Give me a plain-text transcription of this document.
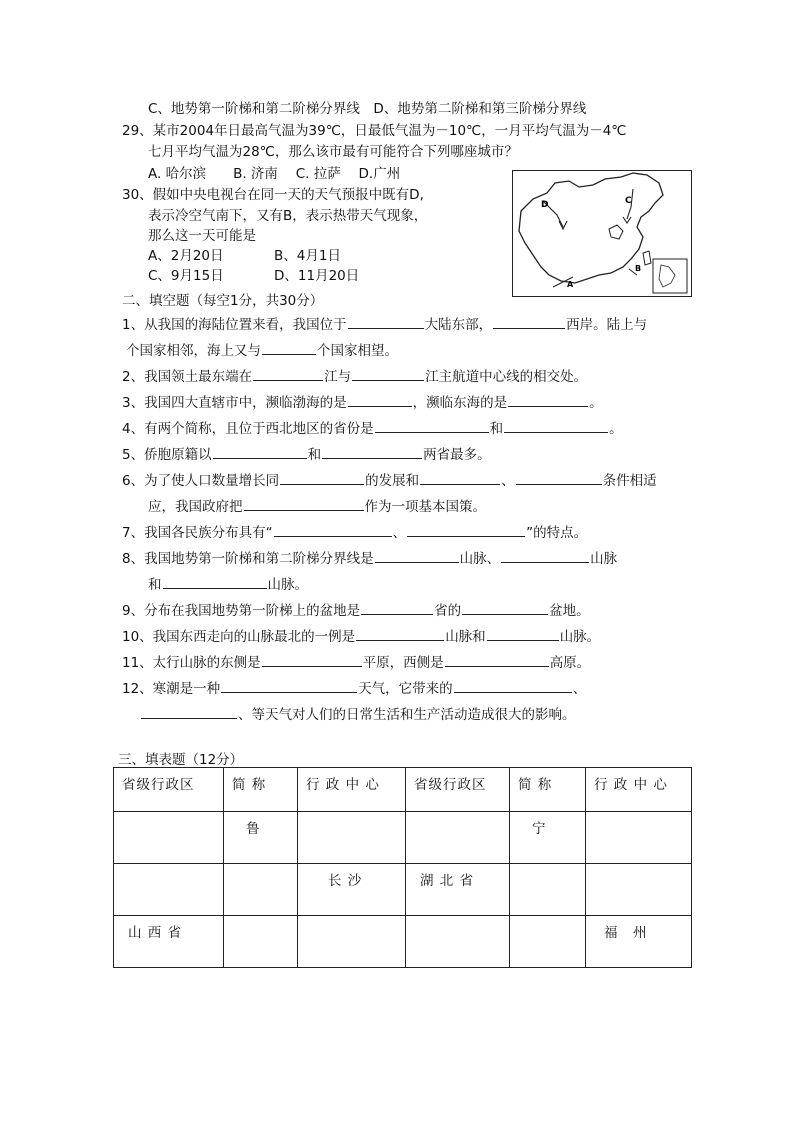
C、地势第一阶梯和第二阶梯分界线　D、地势第二阶梯和第三阶梯分界线
29、某市2004年日最高气温为39℃，日最低气温为－10℃，一月平均气温为－4℃
七月平均气温为28℃，那么该市最有可能符合下列哪座城市？
A. 哈尔滨　　B. 济南　 C. 拉萨　 D.广州
30、假如中央电视台在同一天的天气预报中既有D,
表示冷空气南下，又有B，表示热带天气现象，
那么这一天可能是
A、2月20日	B、4月1日
C、9月15日	D、11月20日
D	C
B
A
二、填空题（每空1分，共30分）
1、从我国的海陆位置来看，我国位于	大陆东部，	西岸。陆上与
个国家相邻，海上又与	个国家相望。
2、我国领土最东端在	江与	江主航道中心线的相交处。
3、我国四大直辖市中，濒临渤海的是	，濒临东海的是	。
4、有两个简称，且位于西北地区的省份是	和	。
5、侨胞原籍以	和	两省最多。
6、为了使人口数量增长同	的发展和	、	条件相适
应，我国政府把	作为一项基本国策。
7、我国各民族分布具有“	、	”的特点。
8、我国地势第一阶梯和第二阶梯分界线是	山脉、	山脉
和	山脉。
9、分布在我国地势第一阶梯上的盆地是	省的	盆地。
10、我国东西走向的山脉最北的一例是	山脉和	山脉。
11、太行山脉的东侧是	平原，西侧是	高原。
12、寒潮是一种	天气，它带来的	、
、等天气对人们的日常生活和生产活动造成很大的影响。
三、填表题（12分）
省级行政区	简 称	行 政 中 心	省级行政区	简 称	行 政 中 心
	鲁			宁	
		长 沙	湖 北 省		
山 西 省					福　州
